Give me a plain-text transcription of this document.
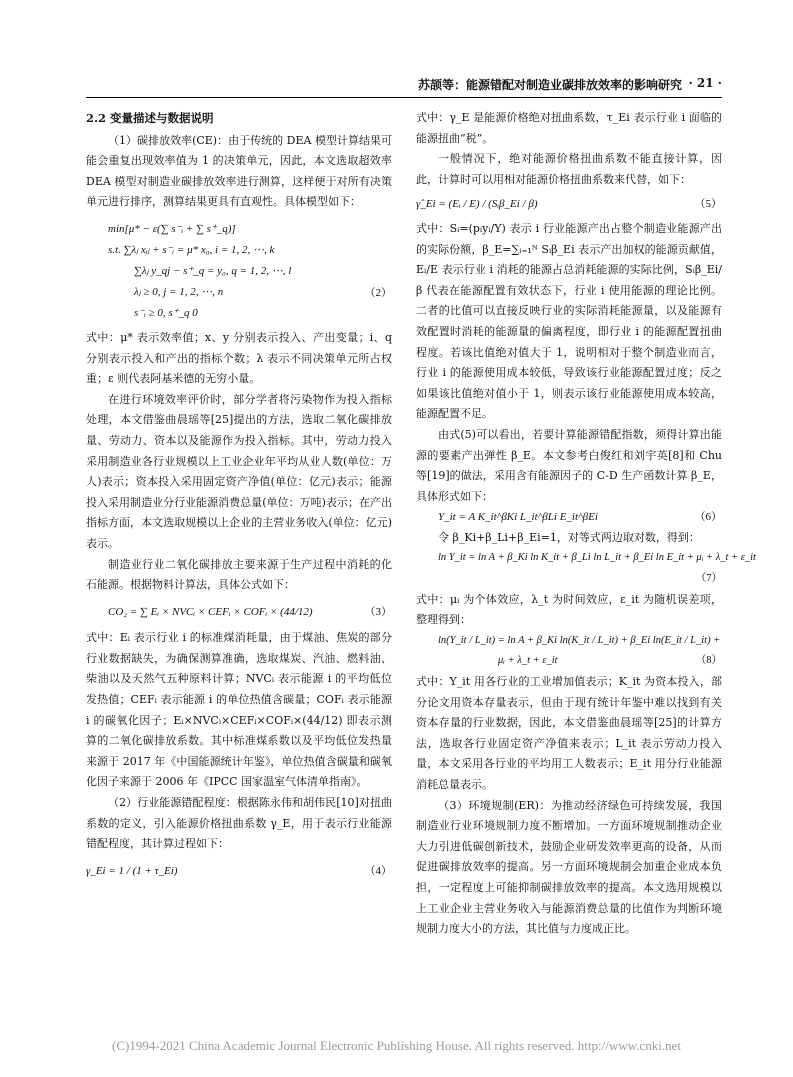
苏颉等：能源错配对制造业碳排放效率的影响研究 · 21 ·

2.2 变量描述与数据说明

（1）碳排放效率(CE)：由于传统的 DEA 模型计算结果可能会重复出现效率值为 1 的决策单元，因此，本文选取超效率 DEA 模型对制造业碳排放效率进行测算，这样便于对所有决策单元进行排序，测算结果更具有直观性。具体模型如下：

min[μ* − ε(∑ s⁻ᵢ + ∑ s⁺_q)]
s.t. ∑λⱼ xᵢⱼ + s⁻ᵢ = μ* x₀, i = 1, 2, ⋯, k
∑λⱼ y_qj − s⁺_q = y₀, q = 1, 2, ⋯, l
λⱼ ≥ 0, j = 1, 2, ⋯, n
s⁻ᵢ ≥ 0, s⁺_q 0
（2）

式中：μ* 表示效率值；x、y 分别表示投入、产出变量；i、q 分别表示投入和产出的指标个数；λ 表示不同决策单元所占权重；ε 则代表阿基米德的无穷小量。

在进行环境效率评价时，部分学者将污染物作为投入指标处理，本文借鉴曲晨瑶等[25]提出的方法，选取二氧化碳排放量、劳动力、资本以及能源作为投入指标。其中，劳动力投入采用制造业各行业规模以上工业企业年平均从业人数(单位：万人)表示；资本投入采用固定资产净值(单位：亿元)表示；能源投入采用制造业分行业能源消费总量(单位：万吨)表示；在产出指标方面，本文选取规模以上企业的主营业务收入(单位：亿元)表示。

制造业行业二氧化碳排放主要来源于生产过程中消耗的化石能源。根据物料计算法，具体公式如下：

CO₂ = ∑ Eᵢ × NVCᵢ × CEFᵢ × COFᵢ × (44/12)	（3）

式中：Eᵢ 表示行业 i 的标准煤消耗量，由于煤油、焦炭的部分行业数据缺失，为确保测算准确，选取煤炭、汽油、燃料油、柴油以及天然气五种原料计算；NVCᵢ 表示能源 i 的平均低位发热值；CEFᵢ 表示能源 i 的单位热值含碳量；COFᵢ 表示能源 i 的碳氧化因子；Eᵢ×NVCᵢ×CEFᵢ×COFᵢ×(44/12) 即表示测算的二氧化碳排放系数。其中标准煤系数以及平均低位发热量来源于 2017 年《中国能源统计年鉴》，单位热值含碳量和碳氧化因子来源于 2006 年《IPCC 国家温室气体清单指南》。

（2）行业能源错配程度：根据陈永伟和胡伟民[10]对扭曲系数的定义，引入能源价格扭曲系数 γ_E，用于表示行业能源错配程度，其计算过程如下：

γ_Ei = 1 / (1 + τ_Ei)	（4）

式中：γ_E 是能源价格绝对扭曲系数，τ_Ei 表示行业 i 面临的能源扭曲“税”。

一般情况下，绝对能源价格扭曲系数不能直接计算，因此，计算时可以用相对能源价格扭曲系数来代替，如下：

γ̂_Ei = (Eᵢ / E) / (Sᵢβ_Ei / β)	（5）

式中：Sᵢ=(pᵢyᵢ/Y) 表示 i 行业能源产出占整个制造业能源产出的实际份额，β_E=∑ᵢ₌₁ᴺ Sᵢβ_Ei 表示产出加权的能源贡献值，Eᵢ/E 表示行业 i 消耗的能源占总消耗能源的实际比例，Sᵢβ_Ei/β 代表在能源配置有效状态下，行业 i 使用能源的理论比例。二者的比值可以直接反映行业的实际消耗能源量，以及能源有效配置时消耗的能源量的偏离程度，即行业 i 的能源配置扭曲程度。若该比值绝对值大于 1，说明相对于整个制造业而言，行业 i 的能源使用成本较低，导致该行业能源配置过度；反之如果该比值绝对值小于 1，则表示该行业能源使用成本较高，能源配置不足。

由式(5)可以看出，若要计算能源错配指数，须得计算出能源的要素产出弹性 β_E。本文参考白俊红和刘宇英[8]和 Chu 等[19]的做法，采用含有能源因子的 C-D 生产函数计算 β_E，具体形式如下：

Y_it = A K_it^βKi L_it^βLi E_it^βEi	（6）

令 β_Ki+β_Li+β_Ei=1，对等式两边取对数，得到：

ln Y_it = ln A + β_Ki ln K_it + β_Li ln L_it + β_Ei ln E_it + μᵢ + λ_t + ε_it
（7）

式中：μᵢ 为个体效应，λ_t 为时间效应，ε_it 为随机误差项，整理得到：

ln(Y_it / L_it) = ln A + β_Ki ln(K_it / L_it) + β_Ei ln(E_it / L_it) +
μᵢ + λ_t + ε_it	（8）

式中：Y_it 用各行业的工业增加值表示；K_it 为资本投入，部分论文用资本存量表示，但由于现有统计年鉴中难以找到有关资本存量的行业数据，因此，本文借鉴曲晨瑶等[25]的计算方法，选取各行业固定资产净值来表示；L_it 表示劳动力投入量，本文采用各行业的平均用工人数表示；E_it 用分行业能源消耗总量表示。

（3）环境规制(ER)：为推动经济绿色可持续发展，我国制造业行业环境规制力度不断增加。一方面环境规制推动企业大力引进低碳创新技术，鼓励企业研发效率更高的设备，从而促进碳排放效率的提高。另一方面环境规制会加重企业成本负担，一定程度上可能抑制碳排放效率的提高。本文选用规模以上工业企业主营业务收入与能源消费总量的比值作为判断环境规制力度大小的方法，其比值与力度成正比。

(C)1994-2021 China Academic Journal Electronic Publishing House. All rights reserved. http://www.cnki.net
